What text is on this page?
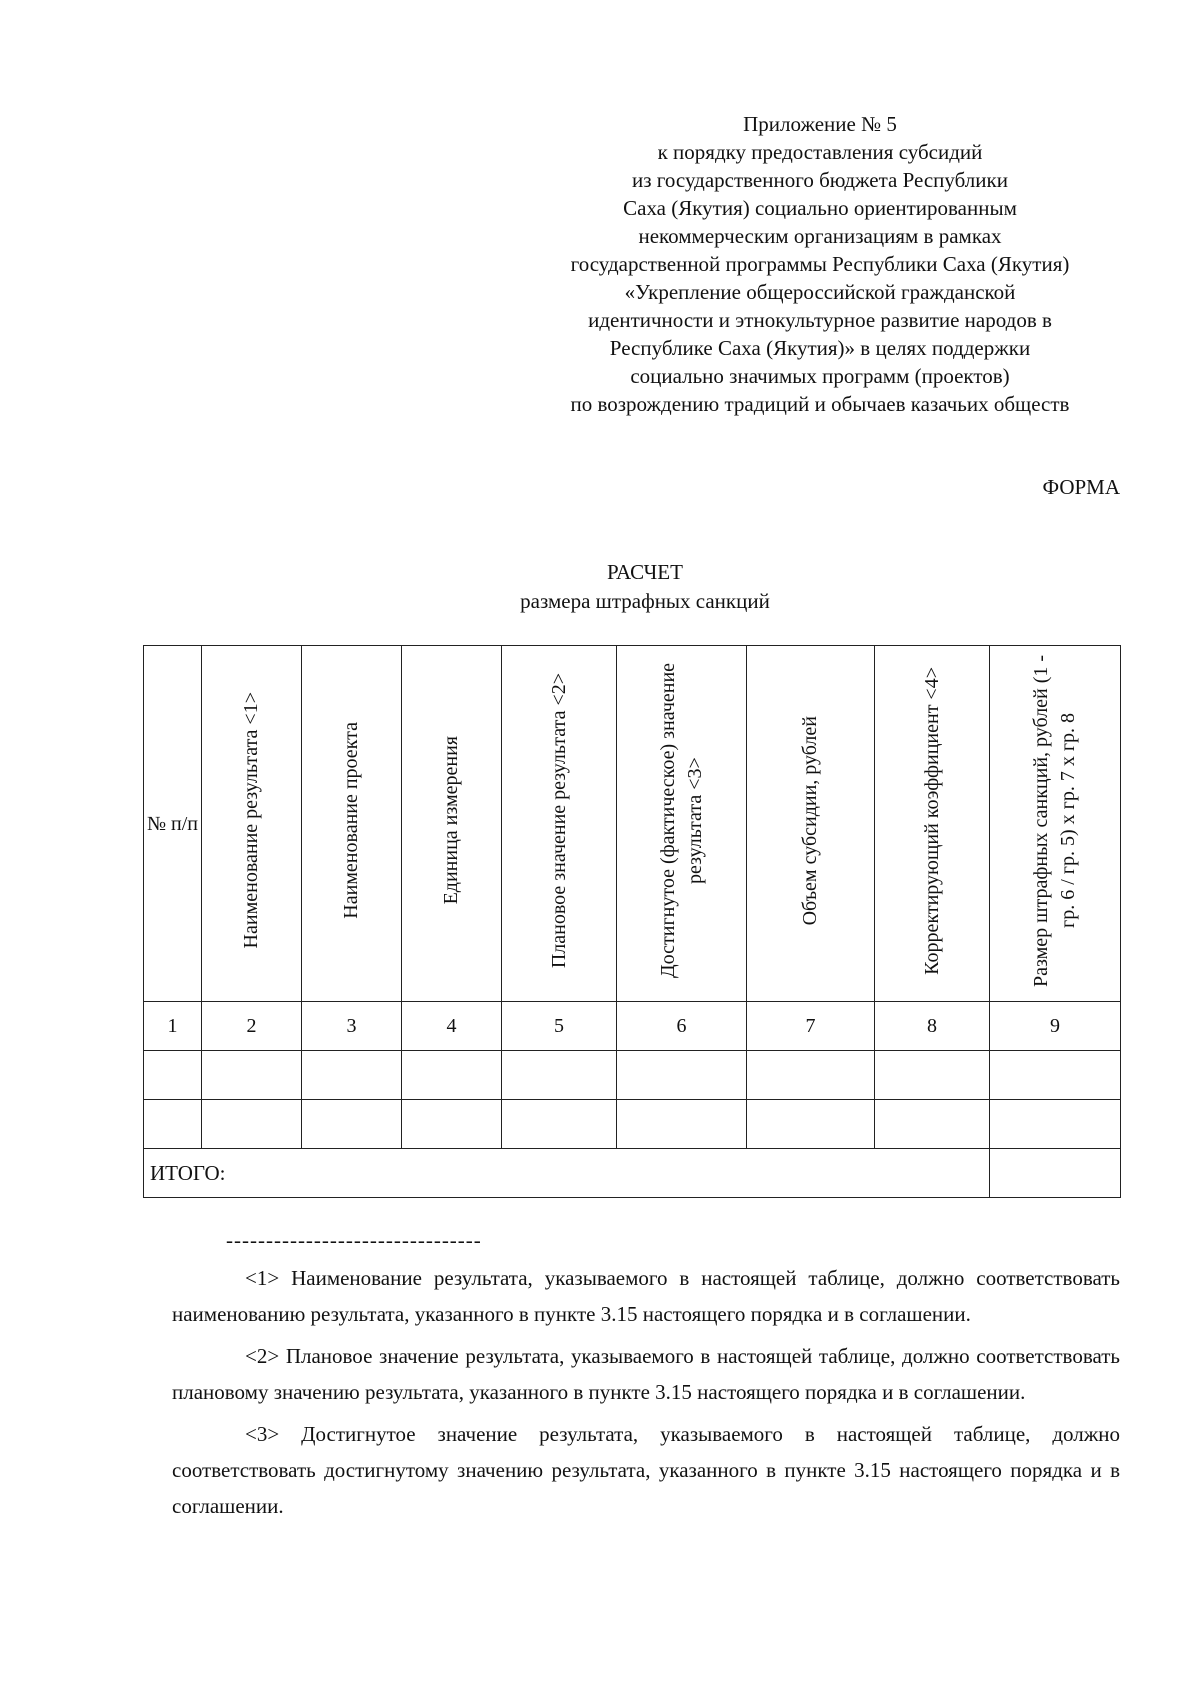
Приложение № 5
к порядку предоставления субсидий
из государственного бюджета Республики
Саха (Якутия) социально ориентированным
некоммерческим организациям в рамках
государственной программы Республики Саха (Якутия)
«Укрепление общероссийской гражданской
идентичности и этнокультурное развитие народов в
Республике Саха (Якутия)» в целях поддержки
социально значимых программ (проектов)
по возрождению традиций и обычаев казачьих обществ
ФОРМА
РАСЧЕТ
размера штрафных санкций
№ п/п	Наименование результата <1>	Наименование проекта	Единица измерения	Плановое значение результата <2>	Достигнутое (фактическое) значение результата <3>	Объем субсидии, рублей	Корректирующий коэффициент <4>	Размер штрафных санкций, рублей (1 - гр. 6 / гр. 5) x гр. 7 x гр. 8
1	2	3	4	5	6	7	8	9

ИТОГО:								
--------------------------------

<1> Наименование результата, указываемого в настоящей таблице, должно соответствовать наименованию результата, указанного в пункте 3.15 настоящего порядка и в соглашении.

<2> Плановое значение результата, указываемого в настоящей таблице, должно соответствовать плановому значению результата, указанного в пункте 3.15 настоящего порядка и в соглашении.

<3> Достигнутое значение результата, указываемого в настоящей таблице, должно соответствовать достигнутому значению результата, указанного в пункте 3.15 настоящего порядка и в соглашении.
